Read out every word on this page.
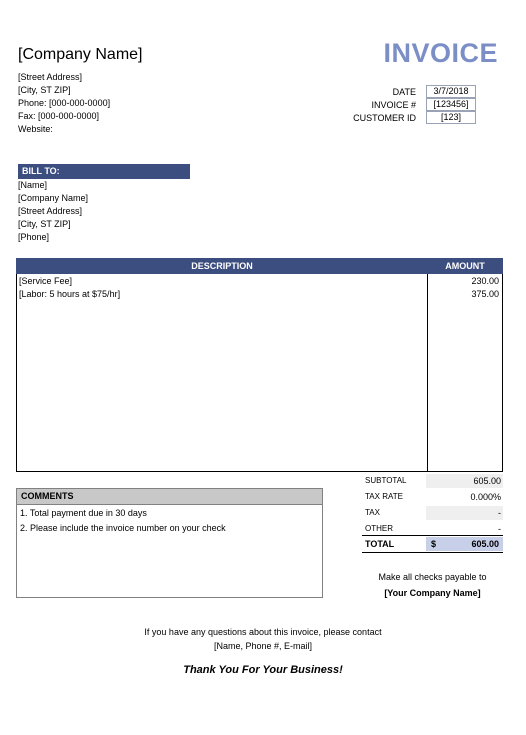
[Company Name]
[Street Address]
[City, ST ZIP]
Phone: [000-000-0000]
Fax: [000-000-0000]
Website:
INVOICE
DATE	3/7/2018
INVOICE #	[123456]
CUSTOMER ID	[123]
BILL TO:
[Name]
[Company Name]
[Street Address]
[City, ST ZIP]
[Phone]
DESCRIPTION	AMOUNT
[Service Fee]	230.00
[Labor: 5 hours at $75/hr]	375.00
COMMENTS
1. Total payment due in 30 days
2. Please include the invoice number on your check
SUBTOTAL	605.00
TAX RATE	0.000%
TAX	-
OTHER	-
TOTAL	$	605.00
Make all checks payable to
[Your Company Name]
If you have any questions about this invoice, please contact
[Name, Phone #, E-mail]
Thank You For Your Business!
